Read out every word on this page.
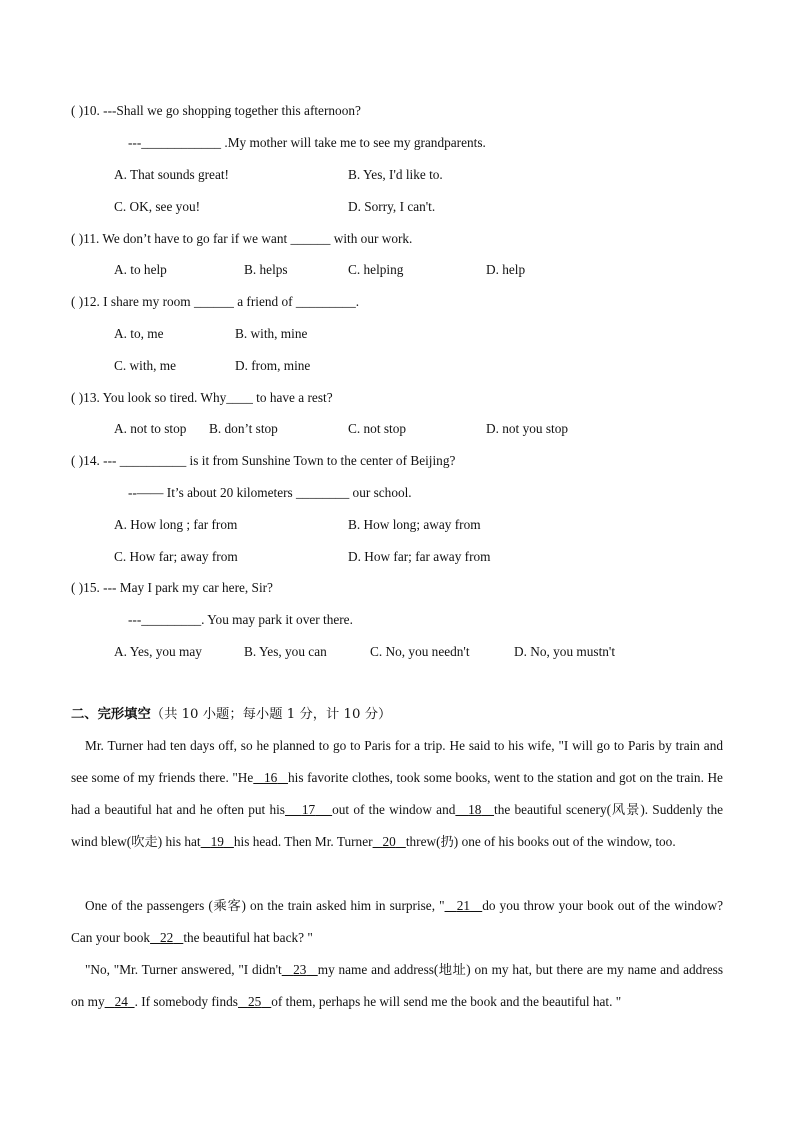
( )10. ---Shall we go shopping together this afternoon?
---____________ .My mother will take me to see my grandparents.
A. That sounds great!	B. Yes, I'd like to.
C. OK, see you!	D. Sorry, I can't.
( )11. We don’t have to go far if we want ______ with our work.
A. to help	B. helps	C. helping	D. help
( )12. I share my room ______ a friend of _________.
A. to, me	B. with, mine
C. with, me	D. from, mine
( )13. You look so tired. Why____ to have a rest?
A. not to stop B. don’t stop	C. not stop	D. not you stop
( )14. --- __________ is it from Sunshine Town to the center of Beijing?
--—— It’s about 20 kilometers ________ our school.
A. How long ; far from	B. How long; away from
C. How far; away from	D. How far; far away from
( )15. --- May I park my car here, Sir?
---_________. You may park it over there.
A. Yes, you may	B. Yes, you can	C. No, you needn't	D. No, you mustn't
二、完形填空（共 10 小题；每小题 1 分，计 10 分）
Mr. Turner had ten days off, so he planned to go to Paris for a trip. He said to his wife, "I will go to Paris by train and see some of my friends there. "He 16 his favorite clothes, took some books, went to the station and got on the train. He had a beautiful hat and he often put his 17 out of the window and 18 the beautiful scenery(风景). Suddenly the wind blew(吹走) his hat 19 his head. Then Mr. Turner 20 threw(扔) one of his books out of the window, too.
One of the passengers (乘客) on the train asked him in surprise, " 21 do you throw your book out of the window? Can your book 22 the beautiful hat back? "
"No, "Mr. Turner answered, "I didn't 23 my name and address(地址) on my hat, but there are my name and address on my 24 . If somebody finds 25 of them, perhaps he will send me the book and the beautiful hat. "
